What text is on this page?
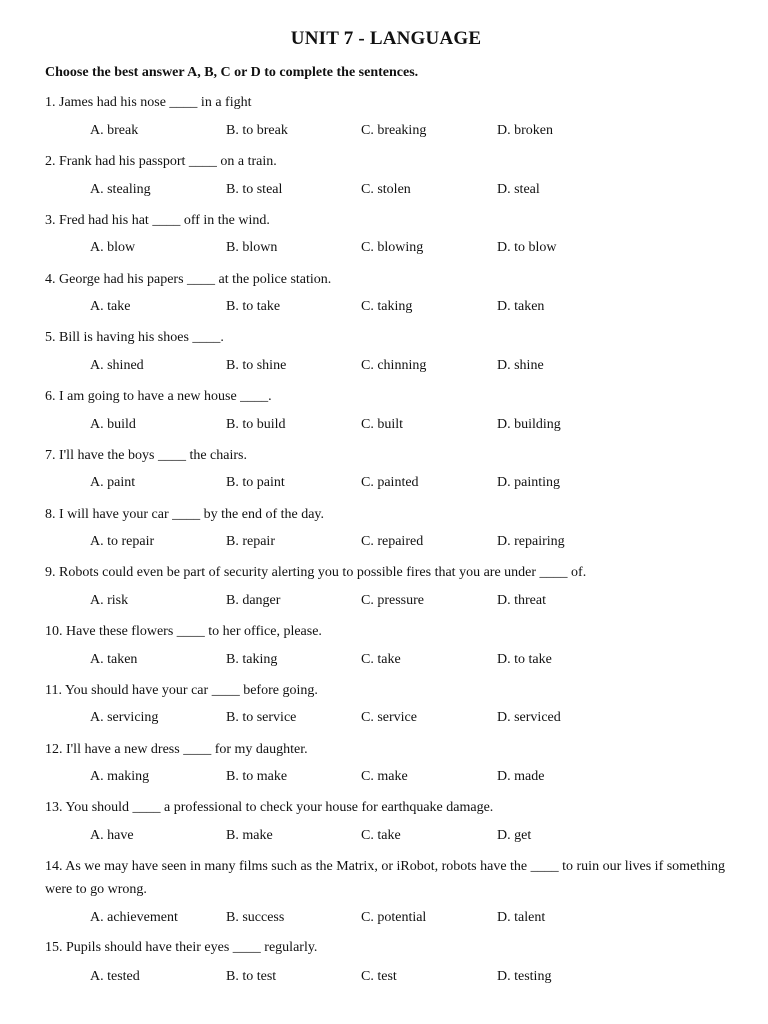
UNIT 7 - LANGUAGE
Choose the best answer A, B, C or D to complete the sentences.
1. James had his nose ____ in a fight
A. break	B. to break	C. breaking	D. broken
2. Frank had his passport ____ on a train.
A. stealing	B. to steal	C. stolen	D. steal
3. Fred had his hat ____ off in the wind.
A. blow	B. blown	C. blowing	D. to blow
4. George had his papers ____ at the police station.
A. take	B. to take	C. taking	D. taken
5. Bill is having his shoes ____.
A. shined	B. to shine	C. chinning	D. shine
6. I am going to have a new house ____.
A. build	B. to build	C. built	D. building
7. I'll have the boys ____ the chairs.
A. paint	B. to paint	C. painted	D. painting
8. I will have your car ____ by the end of the day.
A. to repair	B. repair	C. repaired	D. repairing
9. Robots could even be part of security alerting you to possible fires that you are under ____ of.
A. risk	B. danger	C. pressure	D. threat
10. Have these flowers ____ to her office, please.
A. taken	B. taking	C. take	D. to take
11. You should have your car ____ before going.
A. servicing	B. to service	C. service	D. serviced
12. I'll have a new dress ____ for my daughter.
A. making	B. to make	C. make	D. made
13. You should ____ a professional to check your house for earthquake damage.
A. have	B. make	C. take	D. get
14. As we may have seen in many films such as the Matrix, or iRobot, robots have the ____ to ruin our lives if something were to go wrong.
A. achievement	B. success	C. potential	D. talent
15. Pupils should have their eyes ____ regularly.
A. tested	B. to test	C. test	D. testing
